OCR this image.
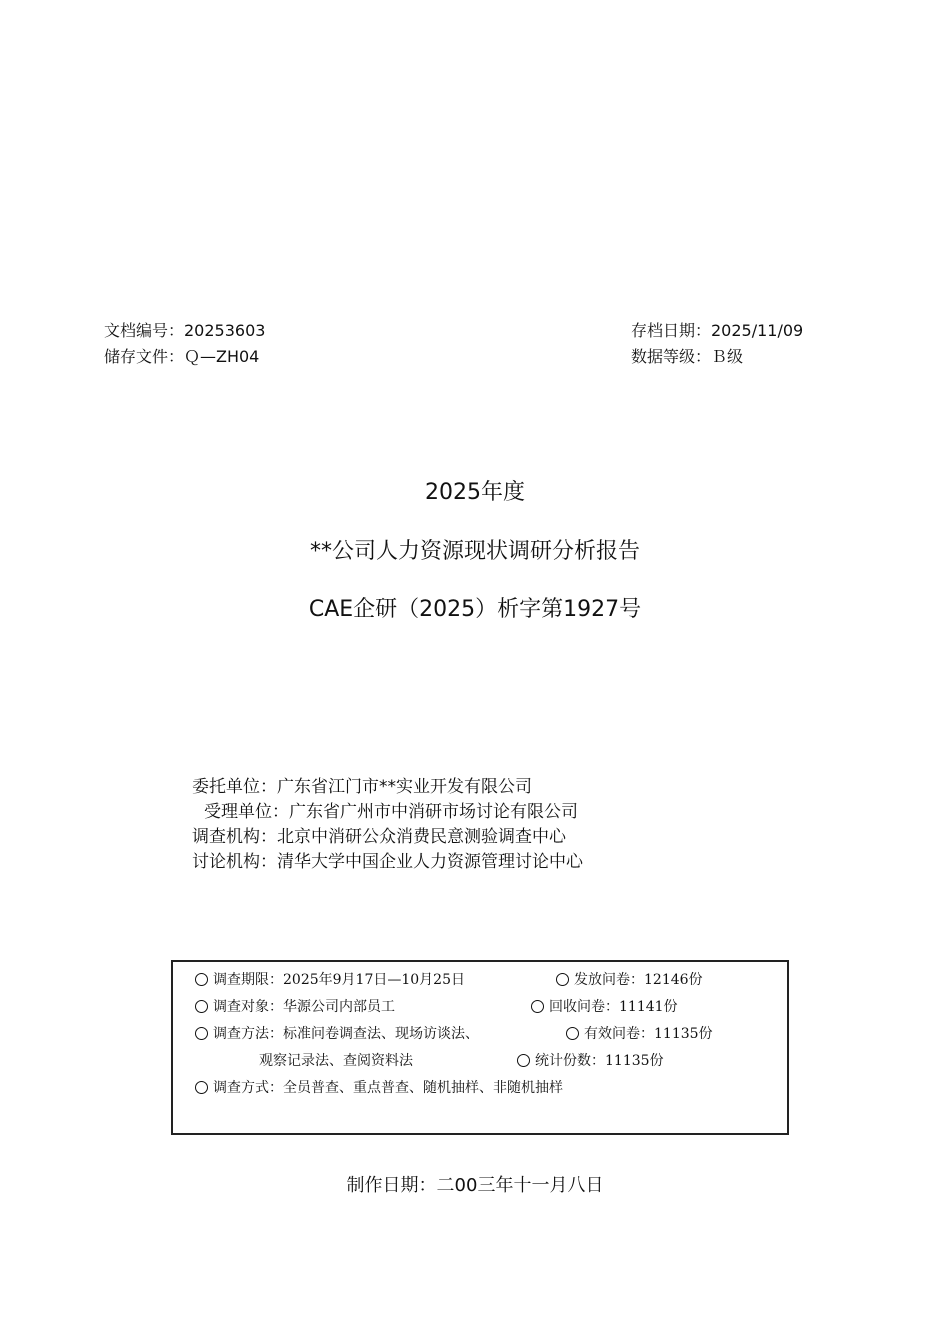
文档编号：20253603	存档日期：2025/11/09
储存文件：Ｑ—ZH04	数据等级：Ｂ级
2025年度
**公司人力资源现状调研分析报告
CAE企研（2025）析字第1927号
委托单位：广东省江门市**实业开发有限公司
受理单位：广东省广州市中消研市场讨论有限公司
调查机构：北京中消研公众消费民意测验调查中心
讨论机构：清华大学中国企业人力资源管理讨论中心
调查期限：2025年9月17日—10月25日	发放问卷：12146份
调查对象：华源公司内部员工	回收问卷：11141份
调查方法：标准问卷调查法、现场访谈法、	有效问卷：11135份
观察记录法、查阅资料法	统计份数：11135份
调查方式：全员普查、重点普查、随机抽样、非随机抽样
制作日期：二00三年十一月八日
